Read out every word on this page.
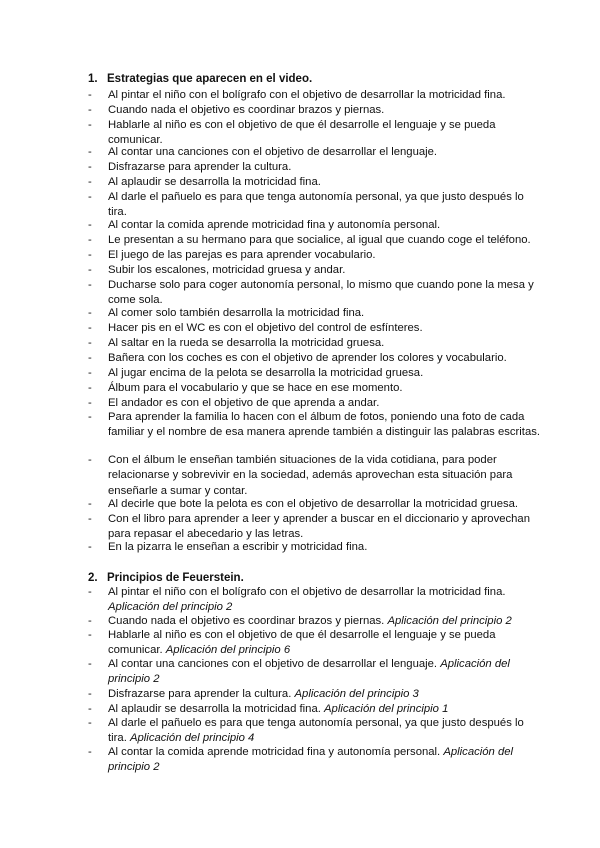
1. Estrategias que aparecen en el video.
-	Al pintar el niño con el bolígrafo con el objetivo de desarrollar la motricidad fina.
-	Cuando nada el objetivo es coordinar brazos y piernas.
-	Hablarle al niño es con el objetivo de que él desarrolle el lenguaje y se pueda comunicar.
-	Al contar una canciones con el objetivo de desarrollar el lenguaje.
-	Disfrazarse para aprender la cultura.
-	Al aplaudir se desarrolla la motricidad fina.
-	Al darle el pañuelo es para que tenga autonomía personal, ya que justo después lo tira.
-	Al contar la comida aprende motricidad fina y autonomía personal.
-	Le presentan a su hermano para que socialice, al igual que cuando coge el teléfono.
-	El juego de las parejas es para aprender vocabulario.
-	Subir los escalones, motricidad gruesa y andar.
-	Ducharse solo para coger autonomía personal, lo mismo que cuando pone la mesa y come sola.
-	Al comer solo también desarrolla la motricidad fina.
-	Hacer pis en el WC es con el objetivo del control de esfínteres.
-	Al saltar en la rueda se desarrolla la motricidad gruesa.
-	Bañera con los coches es con el objetivo de aprender los colores y vocabulario.
-	Al jugar encima de la pelota se desarrolla la motricidad gruesa.
-	Álbum para el vocabulario y que se hace en ese momento.
-	El andador es con el objetivo de que aprenda a andar.
-	Para aprender la familia lo hacen con el álbum de fotos, poniendo una foto de cada familiar y el nombre de esa manera aprende también a distinguir las palabras escritas.
-	Con el álbum le enseñan también situaciones de la vida cotidiana, para poder relacionarse y sobrevivir en la sociedad, además aprovechan esta situación para enseñarle a sumar y contar.
-	Al decirle que bote la pelota es con el objetivo de desarrollar la motricidad gruesa.
-	Con el libro para aprender a leer y aprender a buscar en el diccionario y aprovechan para repasar el abecedario y las letras.
-	En la pizarra le enseñan a escribir y motricidad fina.
2. Principios de Feuerstein.
-	Al pintar el niño con el bolígrafo con el objetivo de desarrollar la motricidad fina. Aplicación del principio 2
-	Cuando nada el objetivo es coordinar brazos y piernas. Aplicación del principio 2
-	Hablarle al niño es con el objetivo de que él desarrolle el lenguaje y se pueda comunicar. Aplicación del principio 6
-	Al contar una canciones con el objetivo de desarrollar el lenguaje. Aplicación del principio 2
-	Disfrazarse para aprender la cultura. Aplicación del principio 3
-	Al aplaudir se desarrolla la motricidad fina. Aplicación del principio 1
-	Al darle el pañuelo es para que tenga autonomía personal, ya que justo después lo tira. Aplicación del principio 4
-	Al contar la comida aprende motricidad fina y autonomía personal. Aplicación del principio 2
